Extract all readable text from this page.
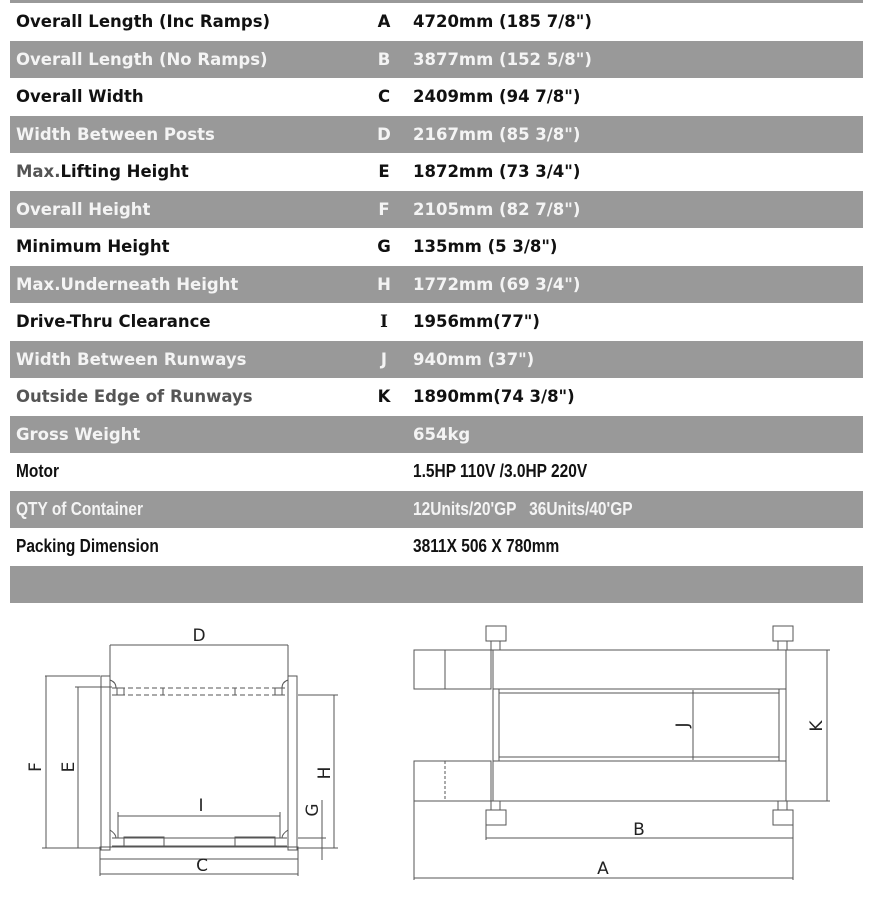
Overall Length (Inc Ramps)	A 4720mm (185 7/8")
Overall Length (No Ramps)	B 3877mm (152 5/8")
Overall Width	C 2409mm (94 7/8")
Width Between Posts	D 2167mm (85 3/8")
Max.Lifting Height	E 1872mm (73 3/4")
Overall Height	F 2105mm (82 7/8")
Minimum Height	G 135mm (5 3/8")
Max.Underneath Height	H 1772mm (69 3/4")
Drive-Thru Clearance	I	1956mm(77")
Width Between Runways	J	940mm (37")
Outside Edge of Runways	K 1890mm(74 3/8")
Gross Weight	654kg
Motor	1.5HP 110V /3.0HP 220V
QTY of Container	12Units/20'GP   36Units/40'GP
Packing Dimension	3811X 506 X 780mm
D
C
I
F E	H
G
J	K
B
A
